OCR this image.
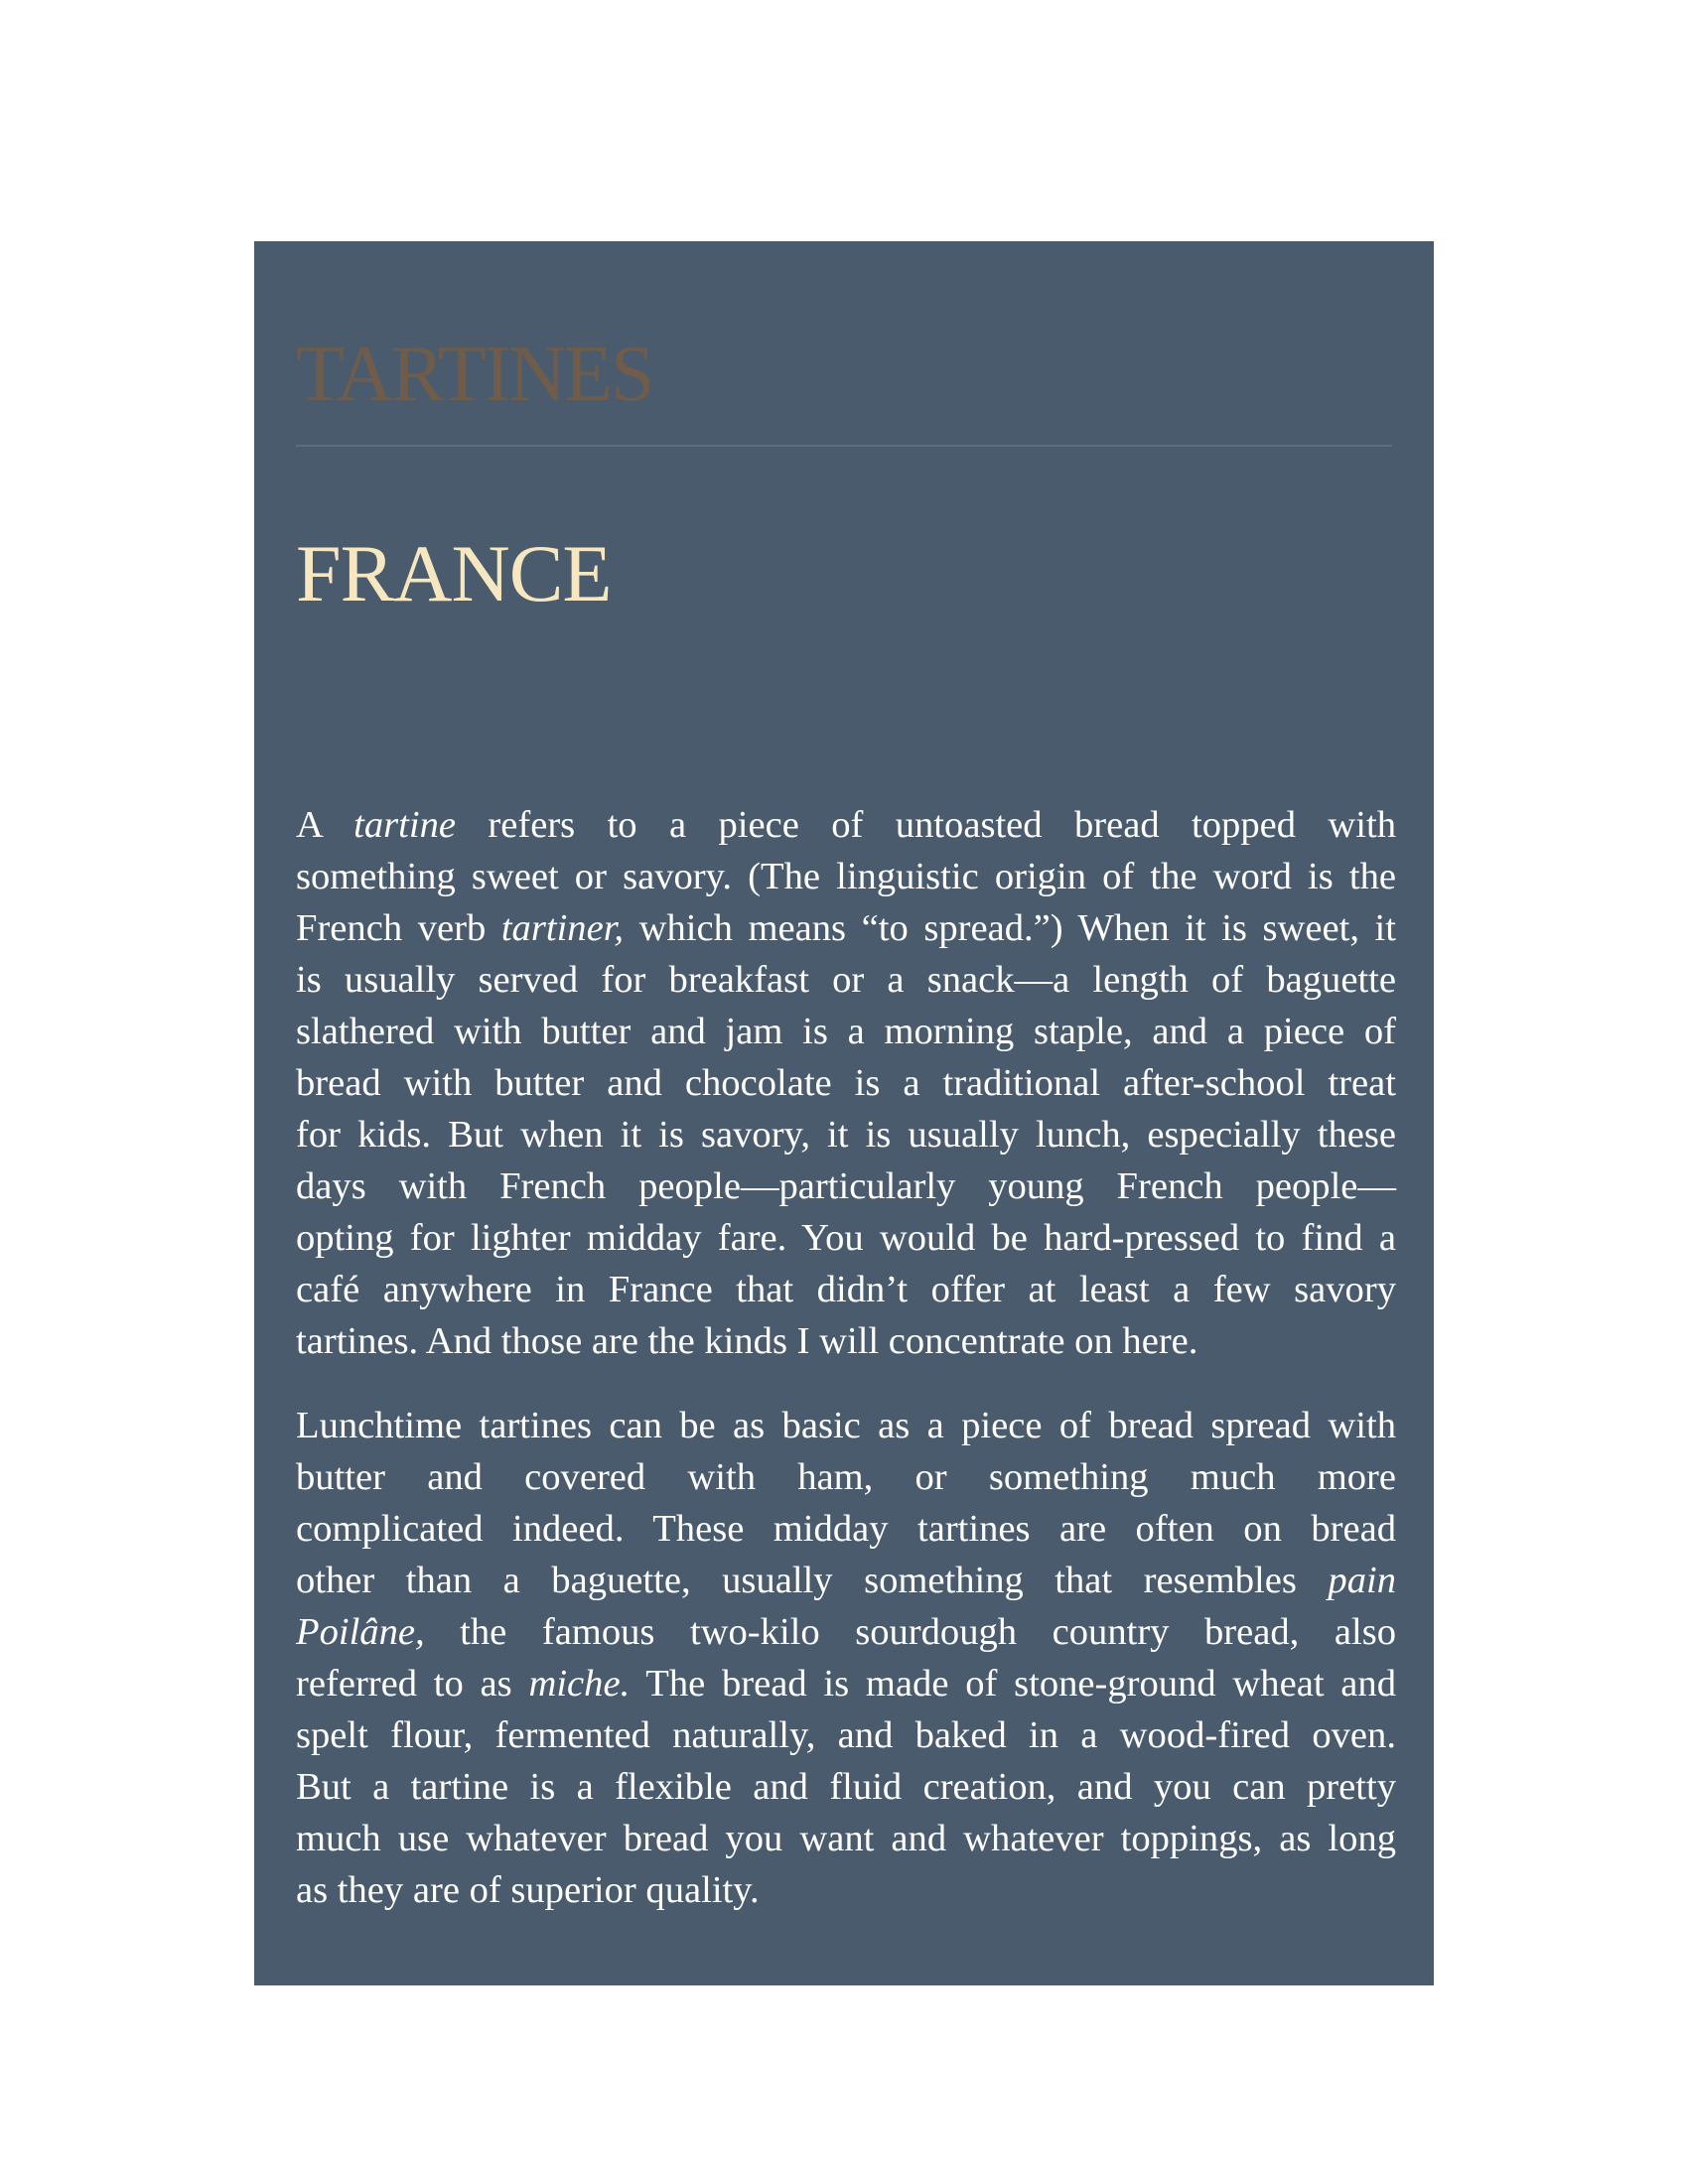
TARTINES
FRANCE

A tartine refers to a piece of untoasted bread topped with
something sweet or savory. (The linguistic origin of the word is the
French verb tartiner, which means “to spread.”) When it is sweet, it
is usually served for breakfast or a snack—a length of baguette
slathered with butter and jam is a morning staple, and a piece of
bread with butter and chocolate is a traditional after-school treat
for kids. But when it is savory, it is usually lunch, especially these
days with French people—particularly young French people—
opting for lighter midday fare. You would be hard-pressed to find a
café anywhere in France that didn’t offer at least a few savory
tartines. And those are the kinds I will concentrate on here.

Lunchtime tartines can be as basic as a piece of bread spread with
butter and covered with ham, or something much more
complicated indeed. These midday tartines are often on bread
other than a baguette, usually something that resembles pain
Poilâne, the famous two-kilo sourdough country bread, also
referred to as miche. The bread is made of stone-ground wheat and
spelt flour, fermented naturally, and baked in a wood-fired oven.
But a tartine is a flexible and fluid creation, and you can pretty
much use whatever bread you want and whatever toppings, as long
as they are of superior quality.
